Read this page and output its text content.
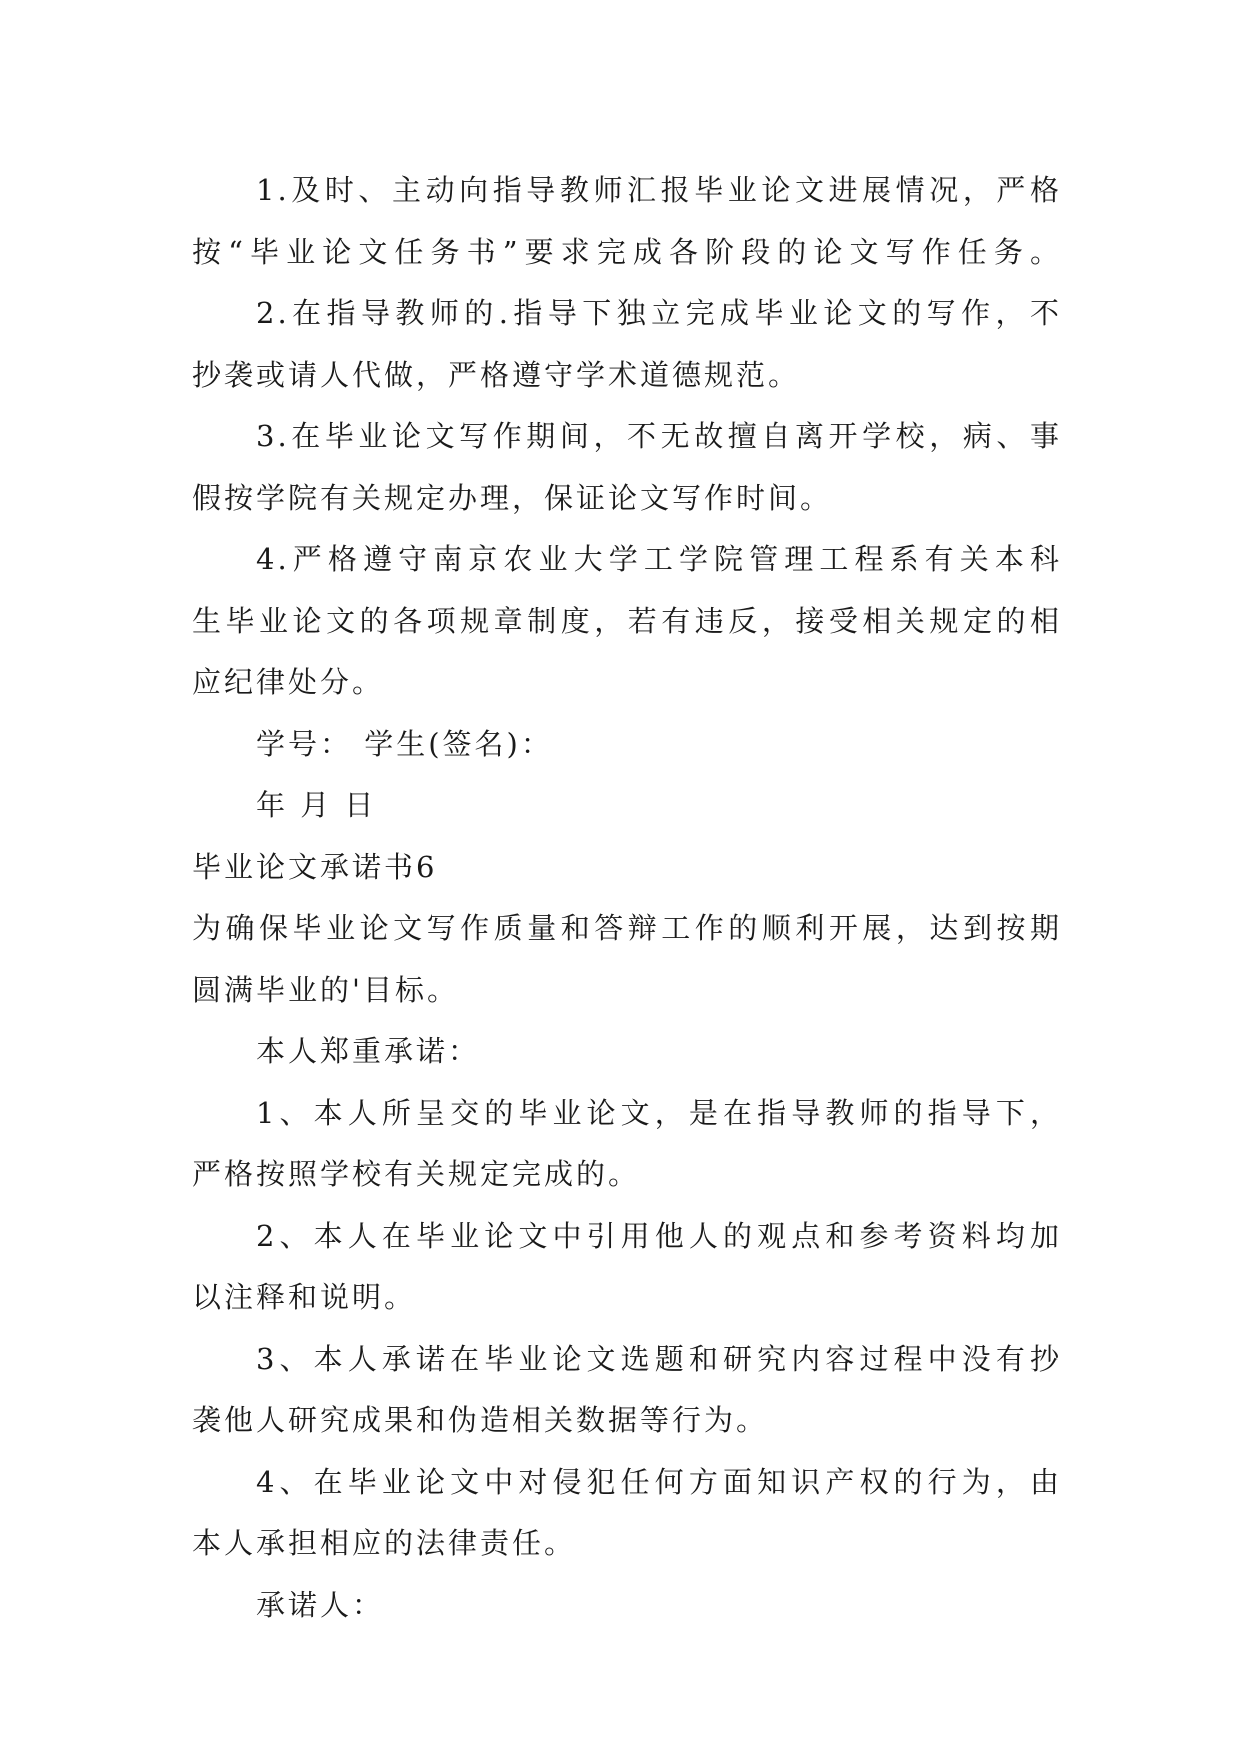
1.及时、主动向指导教师汇报毕业论文进展情况，严格
按“毕业论文任务书”要求完成各阶段的论文写作任务。
2.在指导教师的.指导下独立完成毕业论文的写作，不
抄袭或请人代做，严格遵守学术道德规范。
3.在毕业论文写作期间，不无故擅自离开学校，病、事
假按学院有关规定办理，保证论文写作时间。
4.严格遵守南京农业大学工学院管理工程系有关本科
生毕业论文的各项规章制度，若有违反，接受相关规定的相
应纪律处分。
学号： 学生(签名)：
年 月 日
毕业论文承诺书6
为确保毕业论文写作质量和答辩工作的顺利开展，达到按期
圆满毕业的'目标。
本人郑重承诺：
1、本人所呈交的毕业论文，是在指导教师的指导下，
严格按照学校有关规定完成的。
2、本人在毕业论文中引用他人的观点和参考资料均加
以注释和说明。
3、本人承诺在毕业论文选题和研究内容过程中没有抄
袭他人研究成果和伪造相关数据等行为。
4、在毕业论文中对侵犯任何方面知识产权的行为，由
本人承担相应的法律责任。
承诺人：
